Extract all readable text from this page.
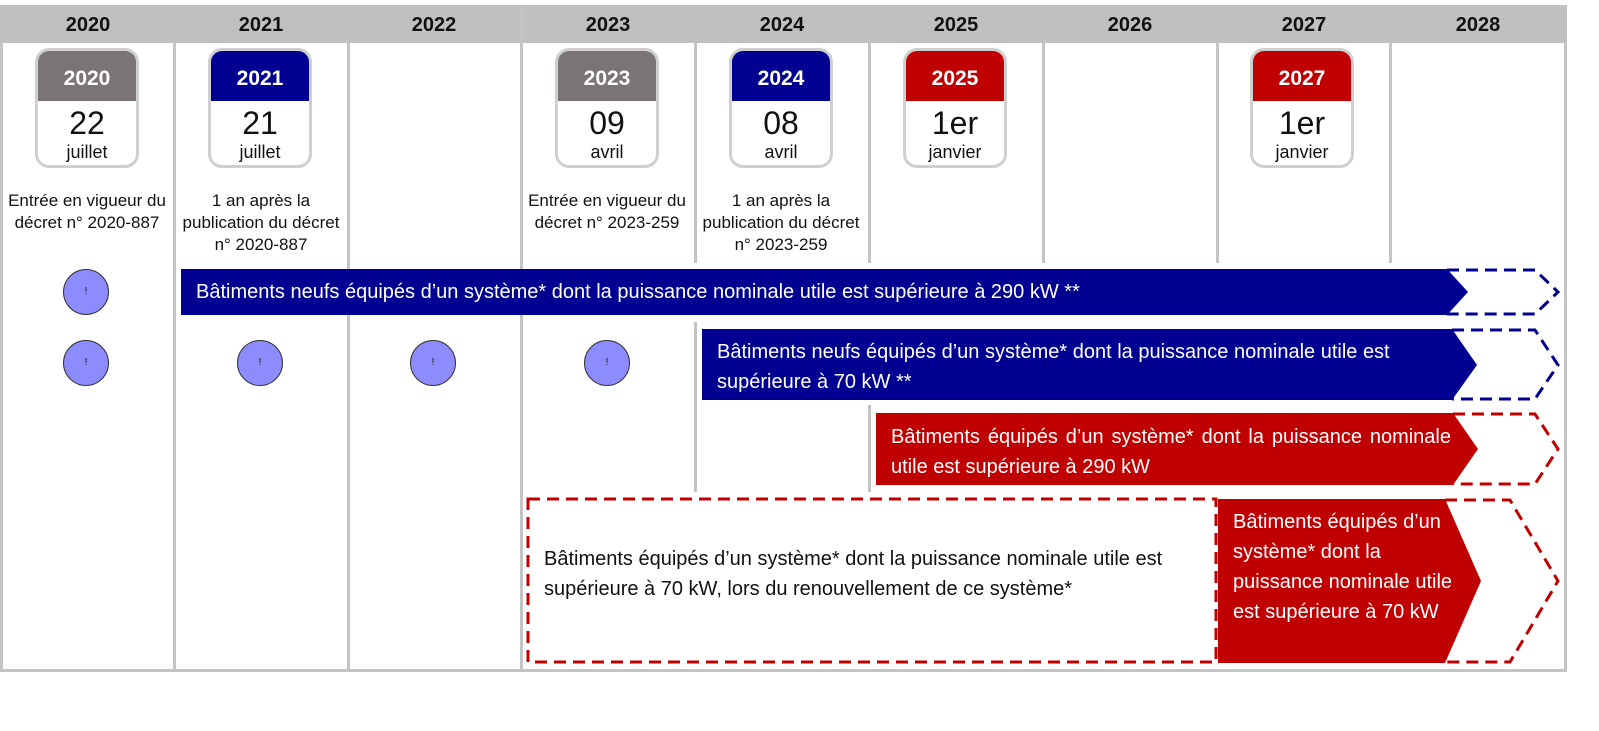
2020	2021	2022	2023	2024	2025	2026	2027	2028
2020
22
juillet
2021
21
juillet
2023
09
avril
2024
08
avril
2025
1er
janvier
2027
1er
janvier
Entrée en vigueur du décret n° 2020-887
1 an après la publication du décret n° 2020-887
Entrée en vigueur du décret n° 2023-259
1 an après la publication du décret n° 2023-259
!
!	!	!	!
Bâtiments neufs équipés d’un système* dont la puissance nominale utile est supérieure à 290 kW **
Bâtiments neufs équipés d’un système* dont la puissance nominale utile est supérieure à 70 kW **
Bâtiments équipés d’un système* dont la puissance nominale utile est supérieure à 290 kW
Bâtiments équipés d’un système* dont la puissance nominale utile est supérieure à 70 kW, lors du renouvellement de ce système*
Bâtiments équipés d’un système* dont la puissance nominale utile est supérieure à 70 kW
